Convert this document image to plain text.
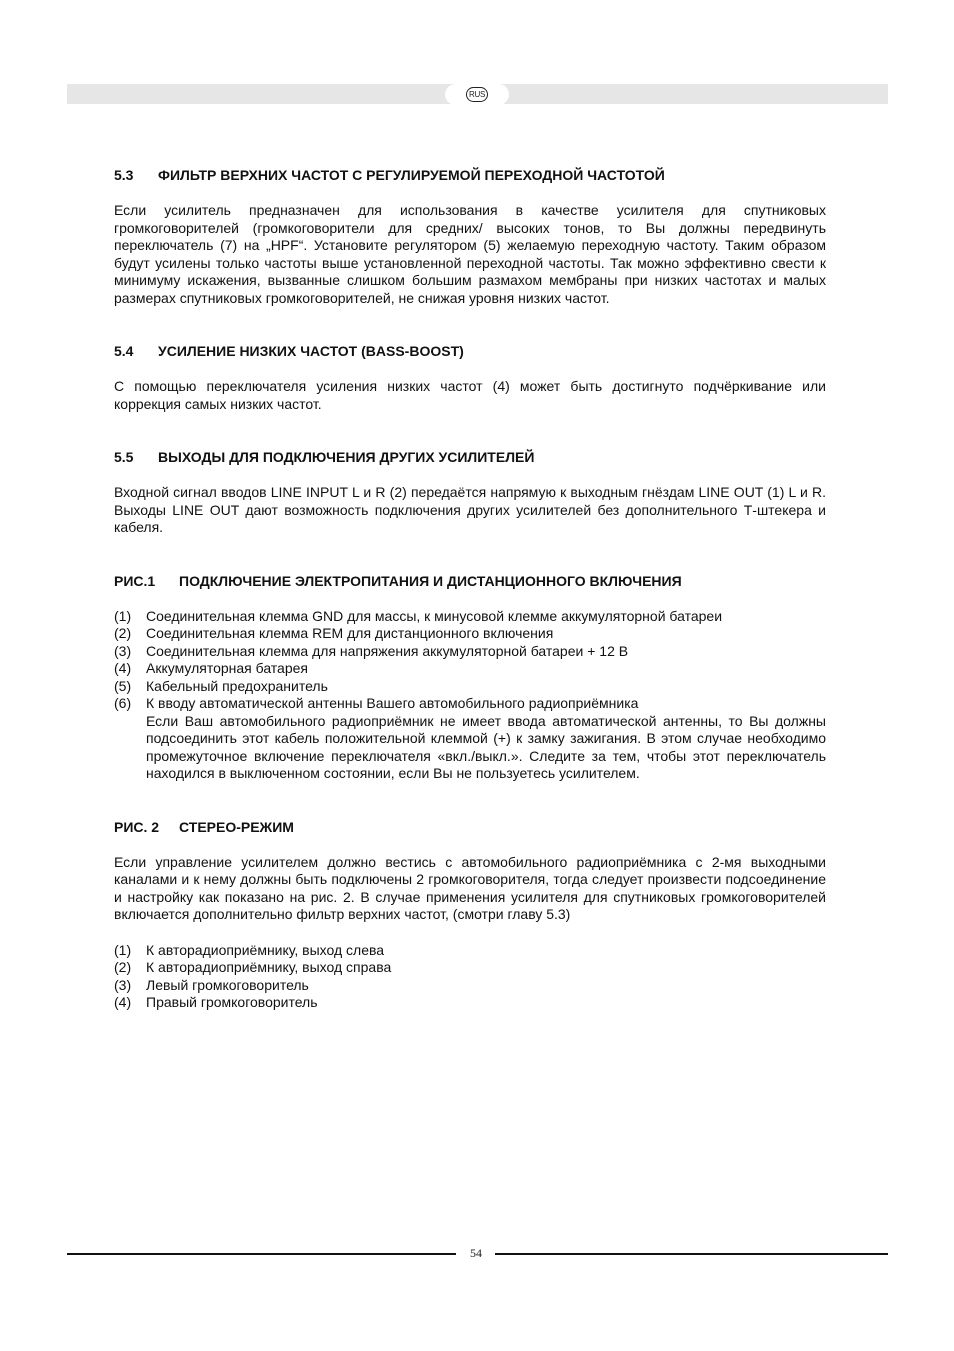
RUS
5.3	ФИЛЬТР ВЕРХНИХ ЧАСТОТ С РЕГУЛИРУЕМОЙ ПЕРЕХОДНОЙ ЧАСТОТОЙ

Если усилитель предназначен для использования в качестве усилителя для спутниковых громкоговорителей (громкоговорители для средних/ высоких тонов, то Вы должны передвинуть переключатель (7) на „HPF“. Установите регулятором (5) желаемую переходную частоту. Таким образом будут усилены только частоты выше установленной переходной частоты. Так можно эффективно свести к минимуму искажения, вызванные слишком большим размахом мембраны при низких частотах и малых размерах спутниковых громкоговорителей, не снижая уровня низких частот.

5.4	УСИЛЕНИЕ НИЗКИХ ЧАСТОТ (BASS-BOOST)

С помощью переключателя усиления низких частот (4) может быть достигнуто подчёркивание или коррекция самых низких частот.

5.5	ВЫХОДЫ ДЛЯ ПОДКЛЮЧЕНИЯ ДРУГИХ УСИЛИТЕЛЕЙ

Входной сигнал вводов LINE INPUT L и R (2) передаётся напрямую к выходным гнёздам LINE OUT (1) L и R. Выходы LINE OUT дают возможность подключения других усилителей без дополнительного Т-штекера и кабеля.

РИС.1	ПОДКЛЮЧЕНИЕ ЭЛЕКТРОПИТАНИЯ И ДИСТАНЦИОННОГО ВКЛЮЧЕНИЯ
(1)	Соединительная клемма GND для массы, к минусовой клемме аккумуляторной батареи
(2)	Соединительная клемма REM для дистанционного включения
(3)	Соединительная клемма для напряжения аккумуляторной батареи + 12 В
(4)	Аккумуляторная батарея
(5)	Кабельный предохранитель
(6)	К вводу автоматической антенны Вашего автомобильного радиоприёмника
Если Ваш автомобильного радиоприёмник не имеет ввода автоматической антенны, то Вы должны подсоединить этот кабель положительной клеммой (+) к замку зажигания. В этом случае необходимо промежуточное включение переключателя «вкл./выкл.». Следите за тем, чтобы этот переключатель находился в выключенном состоянии, если Вы не пользуетесь усилителем.
РИС. 2	СТЕРЕО-РЕЖИМ

Если управление усилителем должно вестись с автомобильного радиоприёмника с 2-мя выходными каналами и к нему должны быть подключены 2 громкоговорителя, тогда следует произвести подсоединение и настройку как показано на рис. 2. В случае применения усилителя для спутниковых громкоговорителей включается дополнительно фильтр верхних частот, (смотри главу 5.3)

(1)	К авторадиоприёмнику, выход слева
(2)	К авторадиоприёмнику, выход справа
(3)	Левый громкоговоритель
(4)	Правый громкоговоритель
54
